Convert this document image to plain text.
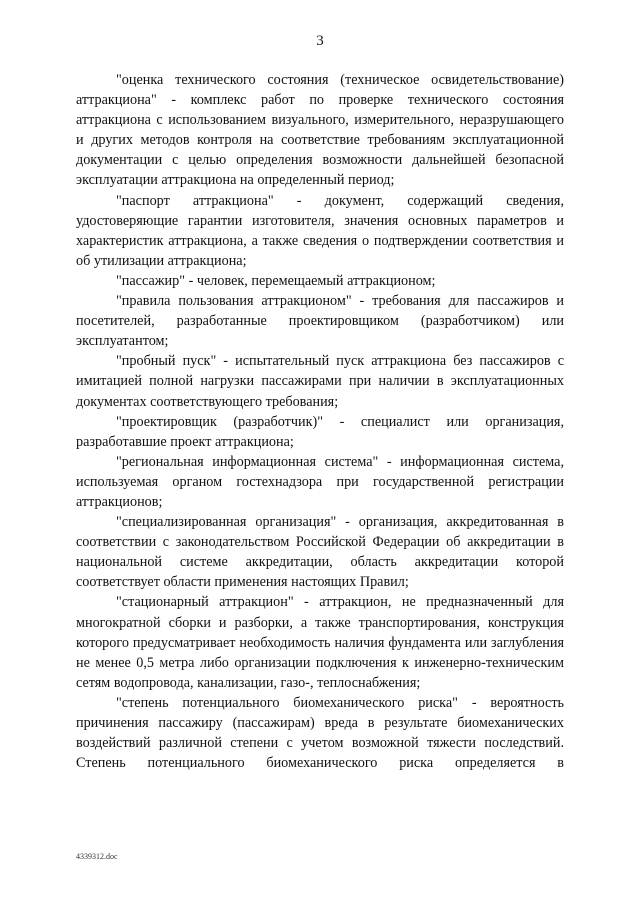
3

"оценка технического состояния (техническое освидетельствование) аттракциона" - комплекс работ по проверке технического состояния аттракциона с использованием визуального, измерительного, неразрушающего и других методов контроля на соответствие требованиям эксплуатационной документации с целью определения возможности дальнейшей безопасной эксплуатации аттракциона на определенный период;

"паспорт аттракциона" - документ, содержащий сведения, удостоверяющие гарантии изготовителя, значения основных параметров и характеристик аттракциона, а также сведения о подтверждении соответствия и об утилизации аттракциона;

"пассажир" - человек, перемещаемый аттракционом;

"правила пользования аттракционом" - требования для пассажиров и посетителей, разработанные проектировщиком (разработчиком) или эксплуатантом;

"пробный пуск" - испытательный пуск аттракциона без пассажиров с имитацией полной нагрузки пассажирами при наличии в эксплуатационных документах соответствующего требования;

"проектировщик (разработчик)" - специалист или организация, разработавшие проект аттракциона;

"региональная информационная система" - информационная система, используемая органом гостехнадзора при государственной регистрации аттракционов;

"специализированная организация" - организация, аккредитованная в соответствии с законодательством Российской Федерации об аккредитации в национальной системе аккредитации, область аккредитации которой соответствует области применения настоящих Правил;

"стационарный аттракцион" - аттракцион, не предназначенный для многократной сборки и разборки, а также транспортирования, конструкция которого предусматривает необходимость наличия фундамента или заглубления не менее 0,5 метра либо организации подключения к инженерно-техническим сетям водопровода, канализации, газо-, теплоснабжения;

"степень потенциального биомеханического риска" - вероятность причинения пассажиру (пассажирам) вреда в результате биомеханических воздействий различной степени с учетом возможной тяжести последствий. Степень потенциального биомеханического риска определяется в

4339312.doc
